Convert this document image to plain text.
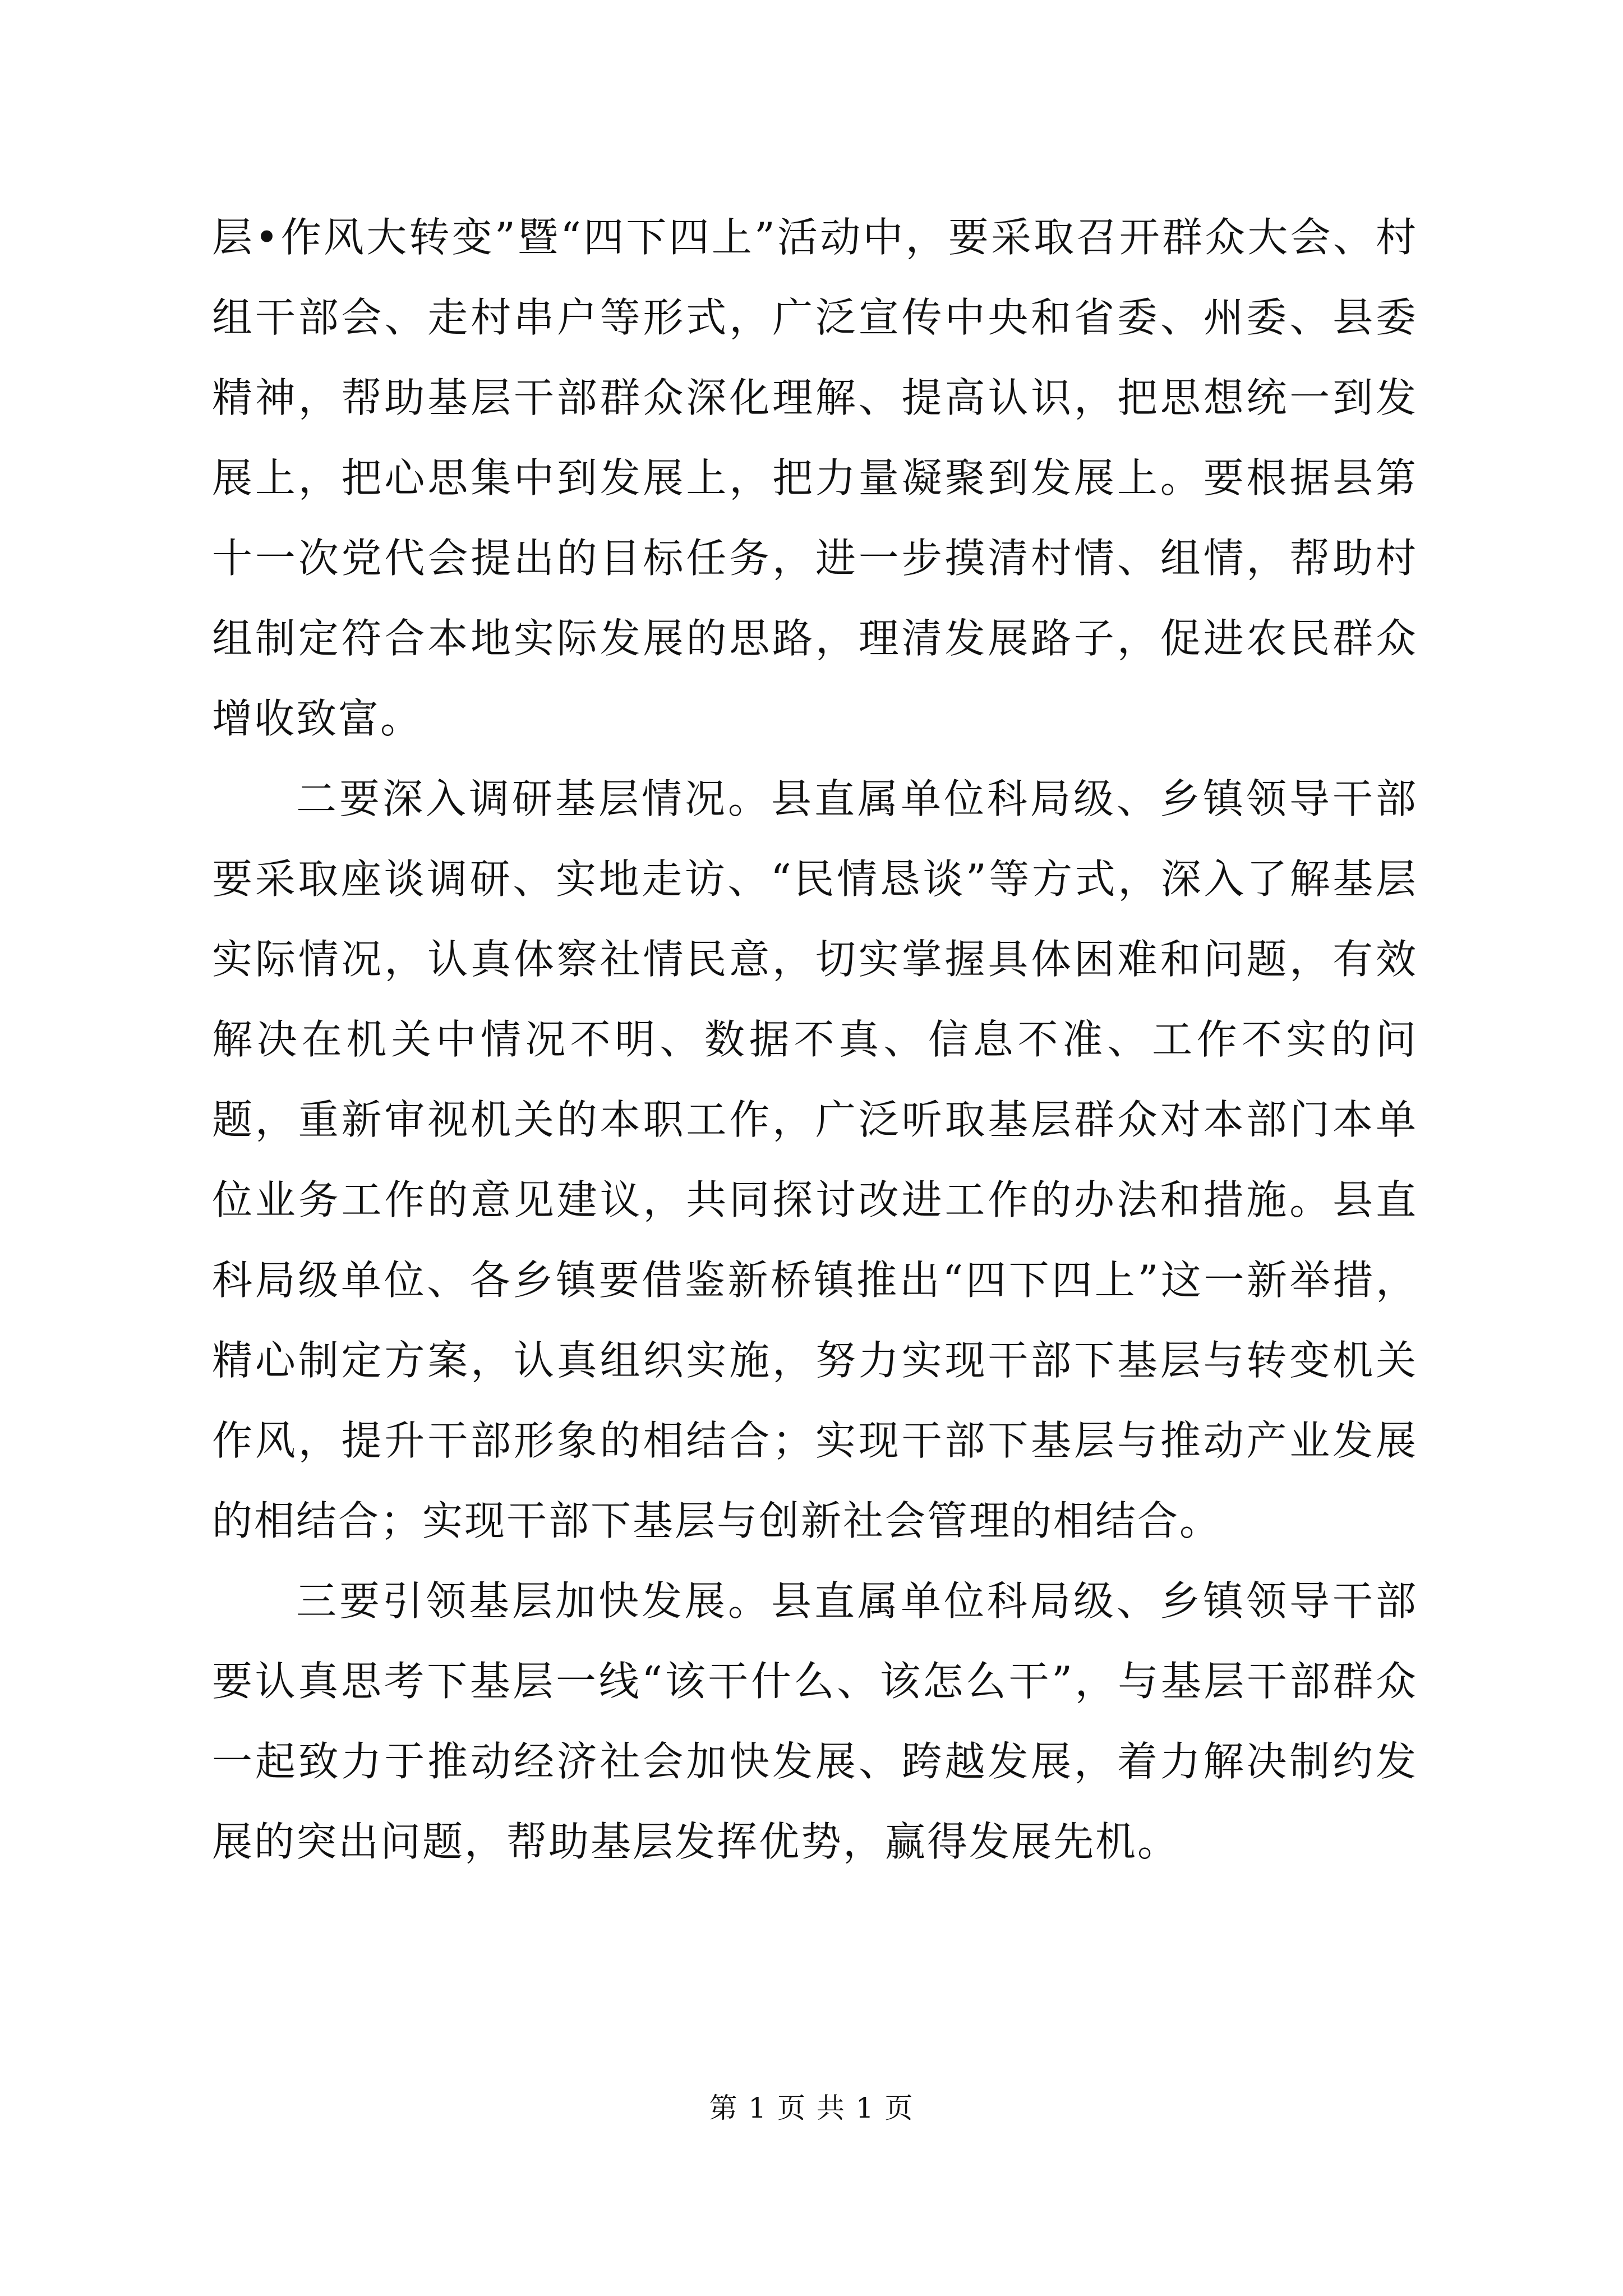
层•作风大转变”暨“四下四上”活动中，要采取召开群众大会、村组干部会、走村串户等形式，广泛宣传中央和省委、州委、县委精神，帮助基层干部群众深化理解、提高认识，把思想统一到发展上，把心思集中到发展上，把力量凝聚到发展上。要根据县第十一次党代会提出的目标任务，进一步摸清村情、组情，帮助村组制定符合本地实际发展的思路，理清发展路子，促进农民群众增收致富。

二要深入调研基层情况。县直属单位科局级、乡镇领导干部要采取座谈调研、实地走访、“民情恳谈”等方式，深入了解基层实际情况，认真体察社情民意，切实掌握具体困难和问题，有效解决在机关中情况不明、数据不真、信息不准、工作不实的问题，重新审视机关的本职工作，广泛听取基层群众对本部门本单位业务工作的意见建议，共同探讨改进工作的办法和措施。县直科局级单位、各乡镇要借鉴新桥镇推出“四下四上”这一新举措，精心制定方案，认真组织实施，努力实现干部下基层与转变机关作风，提升干部形象的相结合；实现干部下基层与推动产业发展的相结合；实现干部下基层与创新社会管理的相结合。

三要引领基层加快发展。县直属单位科局级、乡镇领导干部要认真思考下基层一线“该干什么、该怎么干”，与基层干部群众一起致力于推动经济社会加快发展、跨越发展，着力解决制约发展的突出问题，帮助基层发挥优势，赢得发展先机。

第 1 页 共 1 页
